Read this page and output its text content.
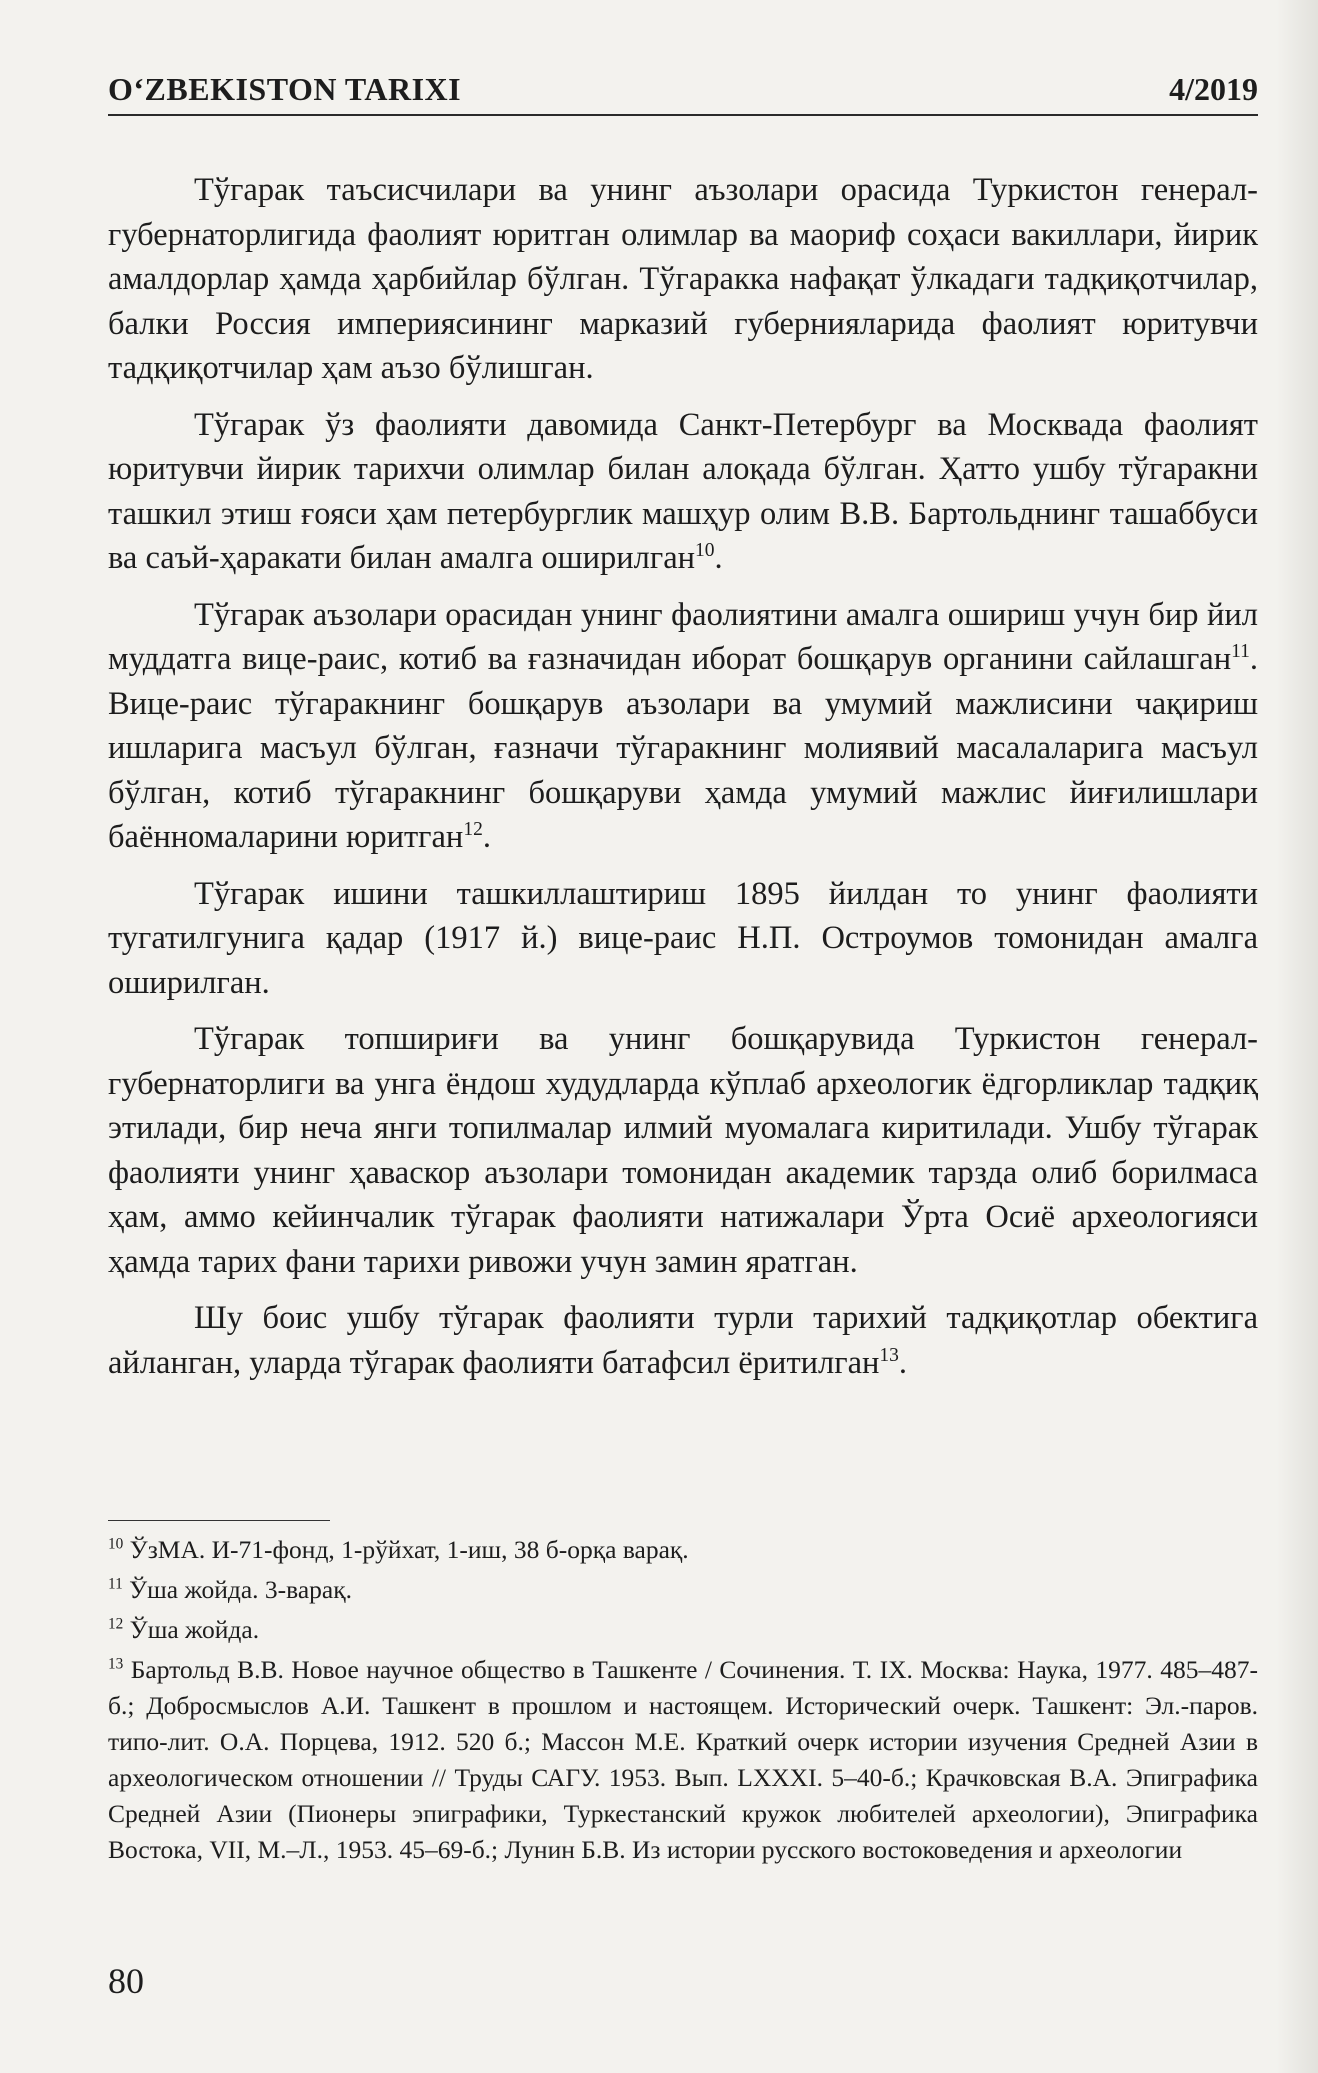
O‘ZBEKISTON TARIXI	4/2019

Тўгарак таъсисчилари ва унинг аъзолари орасида Туркистон генерал-губернаторлигида фаолият юритган олимлар ва мaориф соҳаси вакиллари, йирик амалдорлар ҳамда ҳарбийлар бўлган. Тўгаракка нафақат ўлкадаги тадқиқотчилар, балки Россия империясининг марказий губернияларида фаолият юритувчи тадқиқотчилар ҳам аъзо бўлишган.

Тўгарак ўз фаолияти давомида Санкт-Петербург ва Москвада фаолият юритувчи йирик тарихчи олимлар билан алоқада бўлган. Ҳатто ушбу тўгаракни ташкил этиш ғояси ҳам петербурглик машҳур олим В.В. Бартольднинг ташаббуси ва саъй-ҳаракати билан амалга оширилган$^{10}$.

Тўгарак аъзолари орасидан унинг фаолиятини амалга ошириш учун бир йил муддатга вице-раис, котиб ва ғазначидан иборат бошқарув органини сайлашган$^{11}$. Вице-раис тўгаракнинг бошқарув аъзолари ва умумий мажлисини чақириш ишларига масъул бўлган, ғазначи тўгаракнинг молиявий масалаларига масъул бўлган, котиб тўгаракнинг бошқаруви ҳамда умумий мажлис йиғилишлари баённомаларини юритган$^{12}$.

Тўгарак ишини ташкиллаштириш 1895 йилдан то унинг фаолияти тугатилгунига қадар (1917 й.) вице-раис Н.П. Остроумов томонидан амалга оширилган.

Тўгарак топшириғи ва унинг бошқарувида Туркистон генерал-губернаторлиги ва унга ёндош худудларда кўплаб археологик ёдгорликлар тадқиқ этилади, бир неча янги топилмалар илмий муомалага киритилади. Ушбу тўгарак фаолияти унинг ҳаваскор аъзолари томонидан академик тарзда олиб борилмаса ҳам, аммо кейинчалик тўгарак фаолияти натижалари Ўрта Осиё археологияси ҳамда тарих фани тарихи ривожи учун замин яратган.

Шу боис ушбу тўгарак фаолияти турли тарихий тадқиқотлар обектига айланган, уларда тўгарак фаолияти батафсил ёритилган$^{13}$.

$^{10}$ ЎзМА. И-71-фонд, 1-рўйхат, 1-иш, 38 б-орқа варақ.

$^{11}$ Ўша жойда. 3-варақ.

$^{12}$ Ўша жойда.

$^{13}$ Бартольд В.В. Новое научное общество в Ташкенте / Сочинения. Т. IX. Москва: Наука, 1977. 485–487-б.; Добросмыслов А.И. Ташкент в прошлом и настоящем. Исторический очерк. Ташкент: Эл.-паров. типо-лит. О.А. Порцева, 1912. 520 б.; Массон М.Е. Краткий очерк истории изучения Средней Азии в археологическом отношении // Труды САГУ. 1953. Вып. LXXXI. 5–40-б.; Крачковская В.А. Эпиграфика Средней Азии (Пионеры эпиграфики, Туркестанский кружок любителей археологии), Эпиграфика Востока, VII, М.–Л., 1953. 45–69-б.; Лунин Б.В. Из истории русского востоковедения и археологии

80
